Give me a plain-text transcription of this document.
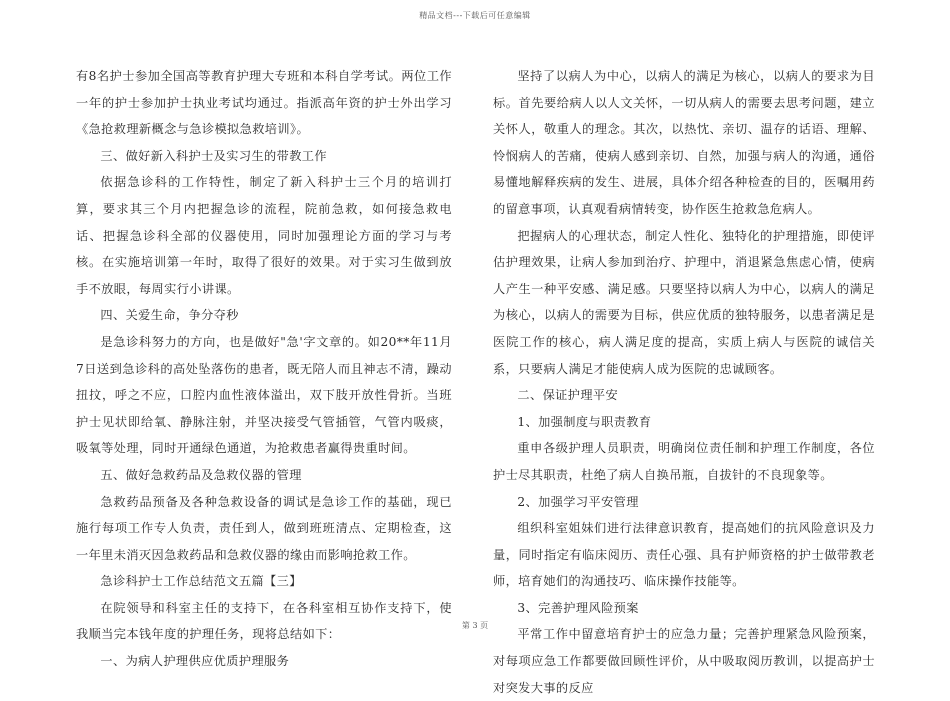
精品文档---下载后可任意编辑

有8名护士参加全国高等教育护理大专班和本科自学考试。两位工作一年的护士参加护士执业考试均通过。指派高年资的护士外出学习《急抢救理新概念与急诊模拟急救培训》。

三、做好新入科护士及实习生的带教工作

依据急诊科的工作特性，制定了新入科护士三个月的培训打算，要求其三个月内把握急诊的流程，院前急救，如何接急救电话、把握急诊科全部的仪器使用，同时加强理论方面的学习与考核。在实施培训第一年时，取得了很好的效果。对于实习生做到放手不放眼，每周实行小讲课。

四、关爱生命，争分夺秒

是急诊科努力的方向，也是做好"急'字文章的。如20**年11月7日送到急诊科的高处坠落伤的患者，既无陪人而且神志不清，躁动扭抆，呼之不应，口腔内血性液体溢出，双下肢开放性骨折。当班护士见状即给氧、静脉注射，并坚决接受气管插管，气管内吸痰，吸氧等处理，同时开通绿色通道，为抢救患者赢得贵重时间。

五、做好急救药品及急救仪器的管理

急救药品预备及各种急救设备的调试是急诊工作的基础，现已施行每项工作专人负责，责任到人，做到班班清点、定期检查，这一年里未消灭因急救药品和急救仪器的缘由而影响抢救工作。

急诊科护士工作总结范文五篇【三】

在院领导和科室主任的支持下，在各科室相互协作支持下，使我顺当完本钱年度的护理任务，现将总结如下：

一、为病人护理供应优质护理服务

坚持了以病人为中心，以病人的满足为核心，以病人的要求为目标。首先要给病人以人文关怀，一切从病人的需要去思考问题，建立关怀人，敬重人的理念。其次，以热忱、亲切、温存的话语、理解、怜悯病人的苦痛，使病人感到亲切、自然，加强与病人的沟通，通俗易懂地解释疾病的发生、进展，具体介绍各种检查的目的，医嘱用药的留意事项，认真观看病情转变，协作医生抢救急危病人。

把握病人的心理状态，制定人性化、独特化的护理措施，即使评估护理效果，让病人参加到治疗、护理中，消退紧急焦虑心情，使病人产生一种平安感、满足感。只要坚持以病人为中心，以病人的满足为核心，以病人的需要为目标，供应优质的独特服务，以患者满足是医院工作的核心，病人满足度的提高，实质上病人与医院的诚信关系，只要病人满足才能使病人成为医院的忠诚顾客。

二、保证护理平安

1、加强制度与职责教育

重申各级护理人员职责，明确岗位责任制和护理工作制度，各位护士尽其职责，杜绝了病人自换吊瓶，自拔针的不良现象等。

2、加强学习平安管理

组织科室姐妹们进行法律意识教育，提高她们的抗风险意识及力量，同时指定有临床阅历、责任心强、具有护师资格的护士做带教老师，培育她们的沟通技巧、临床操作技能等。

3、完善护理风险预案

平常工作中留意培育护士的应急力量；完善护理紧急风险预案，对每项应急工作都要做回顾性评价，从中吸取阅历教训，以提高护士对突发大事的反应

第 3 页
